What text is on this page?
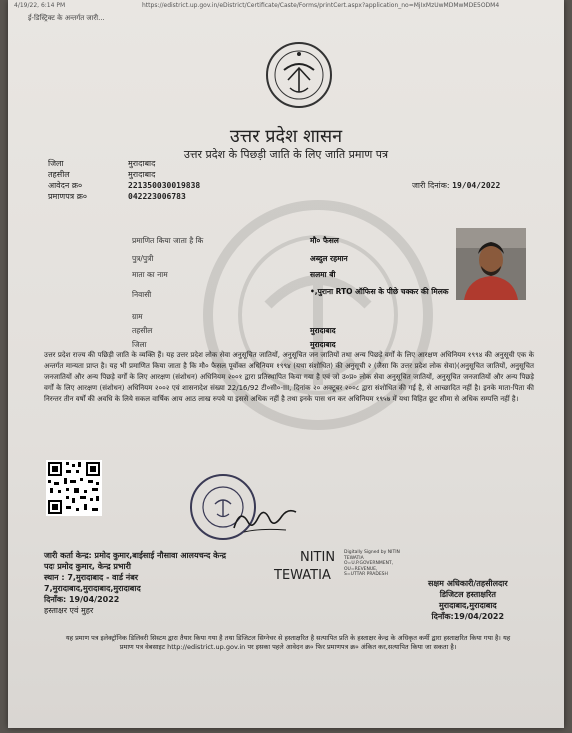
4/19/22, 6:14 PM	https://edistrict.up.gov.in/eDistrict/Certificate/Caste/Forms/printCert.aspx?application_no=MjIxMzUwMDMwMDE5ODM4
ई-डिस्ट्रिक्ट के अन्तर्गत जारी...
उत्तर प्रदेश शासन
उत्तर प्रदेश के पिछड़ी जाति के लिए जाति प्रमाण पत्र
जिला	मुरादाबाद
तहसील	मुरादाबाद
आवेदन क्र०	221350030019838
प्रमाणपत्र क्र०	042223006783
जारी दिनांक: 19/04/2022
प्रमाणित किया जाता है कि	मौ० फैसल
पुत्र/पुत्री	अब्दुल रहमान
माता का नाम	सलमा बी
निवासी	•,पुराना RTO ऑफिस के पीछे चक्कर की मिलक
ग्राम
तहसील	मुरादाबाद
जिला	मुरादाबाद
उत्तर प्रदेश राज्य की पछिड़ी जाति के व्यक्ति हैं। यह उत्तर प्रदेश लोक सेवा अनुसूचित जातियों, अनुसूचित जन जातियों तथा अन्य पिछड़े वर्गों के लिए आरक्षण अधिनियम १९९४ की अनुसूची एक के अन्तर्गत मान्यता प्राप्त है। यह भी प्रमाणित किया जाता है कि मौ० फैसल पूर्वोक्त अधिनियम १९९४ (यथा संशोधित) की अनुसूची २ (जैसा कि उत्तर प्रदेश लोक सेवा)(अनुसूचित जातियों, अनुसूचित जनजातियों और अन्य पिछड़े वर्गों के लिए आरक्षण (संशोधन) अधिनियम २००१ द्वारा प्रतिस्थापित किया गया है एवं जो उ०प्र० लोक सेवा अनुसूचित जातियों, अनुसूचित जनजातियों और अन्य पिछड़े वर्गों के लिए आरक्षण (संशोधन) अधिनियम २००२ एवं शासनादेश संख्या 22/16/92 टी०सी०-III, दिनांक २० अक्टूबर २००८ द्वारा संशोधित की गई है, से आच्छादित नहीं है। इनके माता-पिता की निरन्तर तीन वर्षों की अवधि के लिये सकल वार्षिक आय आठ लाख रुपये या इससे अधिक नहीं है तथा इनके पास धन कर अधिनियम १९५७ में यथा विहित छूट सीमा से अधिक सम्पत्ति नहीं है।
जारी कर्ता केन्द्र: प्रमोद कुमार,बाईसाई नौसावा आलयचन्द केन्द्र
पदः प्रमोद कुमार, केन्द्र प्रभारी
स्थान : 7,मुरादाबाद - वार्ड नंबर
7,मुरादाबाद,मुरादाबाद,मुरादाबाद
दिनाँक: 19/04/2022
हस्ताक्षर एवं मुहर
NITIN
TEWATIA
Digitally Signed by NITIN
TEWATIA
O=U.P.GOVERNMENT,
OU=REVENUE,
S=UTTAR PRADESH
सक्षम अधिकारी/तहसीलदार
डिजिटल हस्ताक्षरित
मुरादाबाद,मुरादाबाद
दिनाँक:19/04/2022
यह प्रमाण पत्र इलेक्ट्रॉनिक डिलिवरी सिस्टम द्वारा तैयार किया गया है तथा डिजिटल सिग्नेचर से हस्ताक्षरित है सत्यापित प्रति के हस्ताक्षर केन्द्र के अधिकृत कर्मी द्वारा हस्ताक्षरित किया गया है। यह
प्रमाण पत्र वेबसाइट http://edistrict.up.gov.in पर इसका पहले आवेदन क्र० फिर प्रमाणपत्र क्र० अंकित कर,सत्यापित किया जा सकता है।
